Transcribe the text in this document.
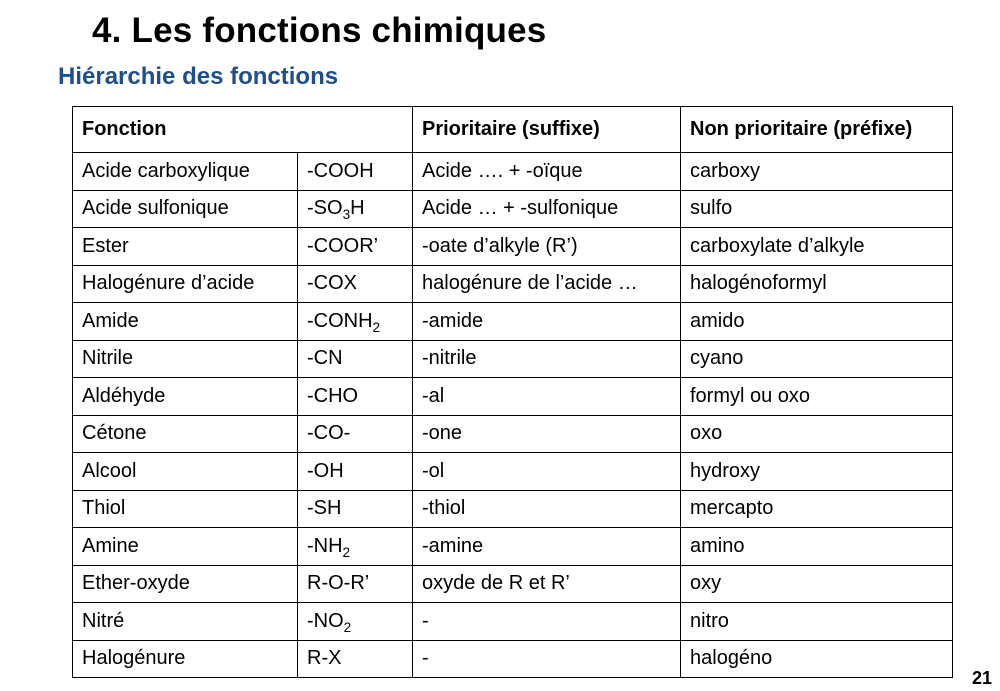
4. Les fonctions chimiques
Hiérarchie des fonctions
Fonction		Prioritaire (suffixe)	Non prioritaire (préfixe)
Acide carboxylique	-COOH	Acide …. + -oïque	carboxy
Acide sulfonique	$-SO_3H$	Acide … + -sulfonique	sulfo
Ester	-COOR’	-oate d’alkyle (R’)	carboxylate d’alkyle
Halogénure d’acide	-COX	halogénure de l’acide …	halogénoformyl
Amide	$-CONH_2$	-amide	amido
Nitrile	-CN	-nitrile	cyano
Aldéhyde	-CHO	-al	formyl ou oxo
Cétone	-CO-	-one	oxo
Alcool	-OH	-ol	hydroxy
Thiol	-SH	-thiol	mercapto
Amine	$-NH_2$	-amine	amino
Ether-oxyde	R-O-R’	oxyde de R et R’	oxy
Nitré	$-NO_2$	-	nitro
Halogénure	R-X	-	halogéno
21
